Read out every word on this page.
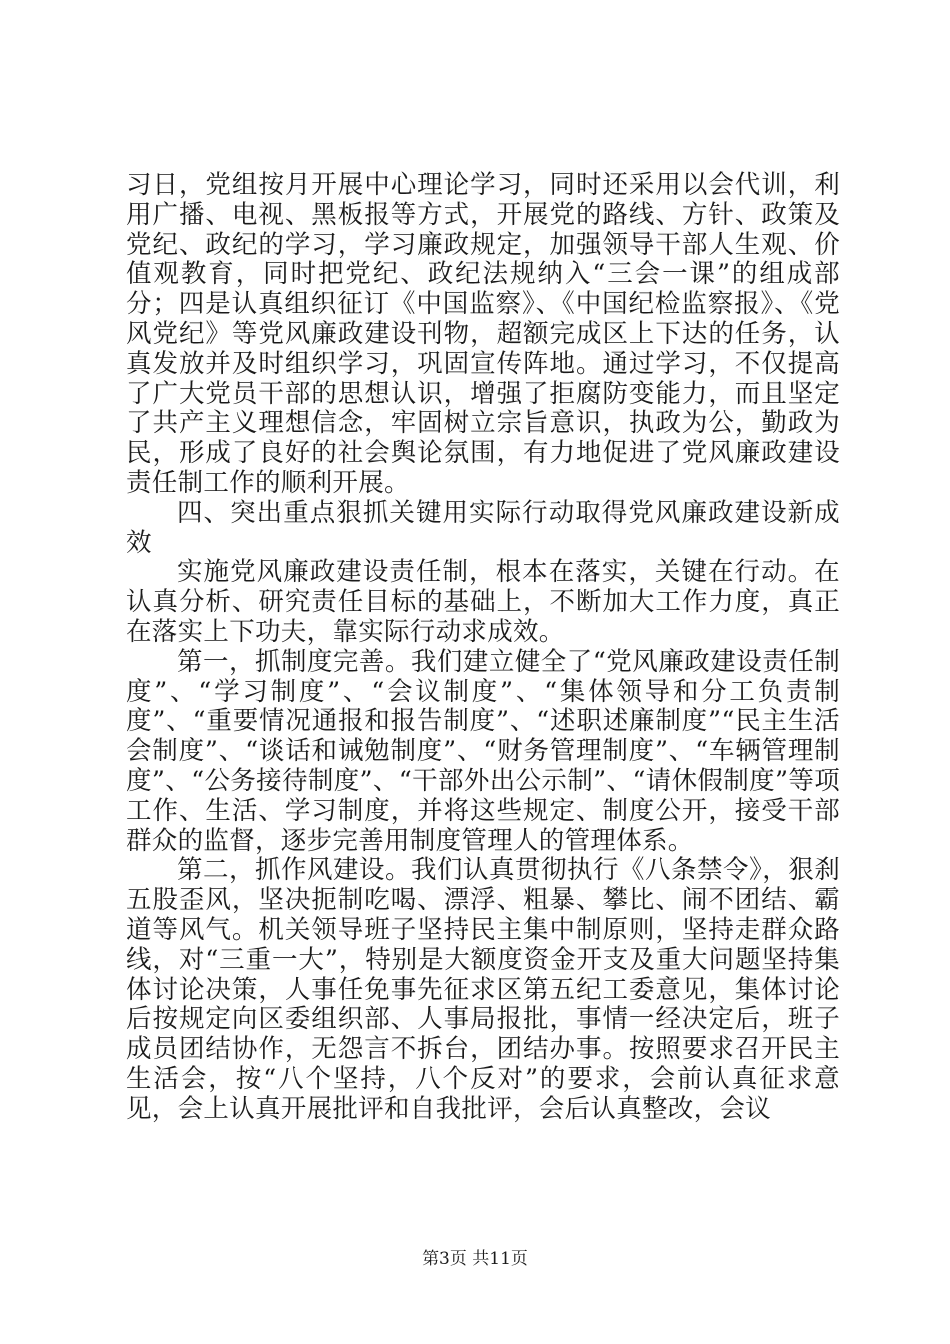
习日，党组按月开展中心理论学习，同时还采用以会代训，利用广播、电视、黑板报等方式，开展党的路线、方针、政策及党纪、政纪的学习，学习廉政规定，加强领导干部人生观、价值观教育，同时把党纪、政纪法规纳入“三会一课”的组成部分；四是认真组织征订《中国监察》、《中国纪检监察报》、《党风党纪》等党风廉政建设刊物，超额完成区上下达的任务，认真发放并及时组织学习，巩固宣传阵地。通过学习，不仅提高了广大党员干部的思想认识，增强了拒腐防变能力，而且坚定了共产主义理想信念，牢固树立宗旨意识，执政为公，勤政为民，形成了良好的社会舆论氛围，有力地促进了党风廉政建设责任制工作的顺利开展。

四、突出重点狠抓关键用实际行动取得党风廉政建设新成效

实施党风廉政建设责任制，根本在落实，关键在行动。在认真分析、研究责任目标的基础上，不断加大工作力度，真正在落实上下功夫，靠实际行动求成效。

第一，抓制度完善。我们建立健全了“党风廉政建设责任制度”、“学习制度”、“会议制度”、“集体领导和分工负责制度”、“重要情况通报和报告制度”、“述职述廉制度”“民主生活会制度”、“谈话和诫勉制度”、“财务管理制度”、“车辆管理制度”、“公务接待制度”、“干部外出公示制”、“请休假制度”等项工作、生活、学习制度，并将这些规定、制度公开，接受干部群众的监督，逐步完善用制度管理人的管理体系。

第二，抓作风建设。我们认真贯彻执行《八条禁令》，狠刹五股歪风，坚决扼制吃喝、漂浮、粗暴、攀比、闹不团结、霸道等风气。机关领导班子坚持民主集中制原则，坚持走群众路线，对“三重一大”，特别是大额度资金开支及重大问题坚持集体讨论决策，人事任免事先征求区第五纪工委意见，集体讨论后按规定向区委组织部、人事局报批，事情一经决定后，班子成员团结协作，无怨言不拆台，团结办事。按照要求召开民主生活会，按“八个坚持，八个反对”的要求，会前认真征求意见，会上认真开展批评和自我批评，会后认真整改，会议

第3页 共11页
